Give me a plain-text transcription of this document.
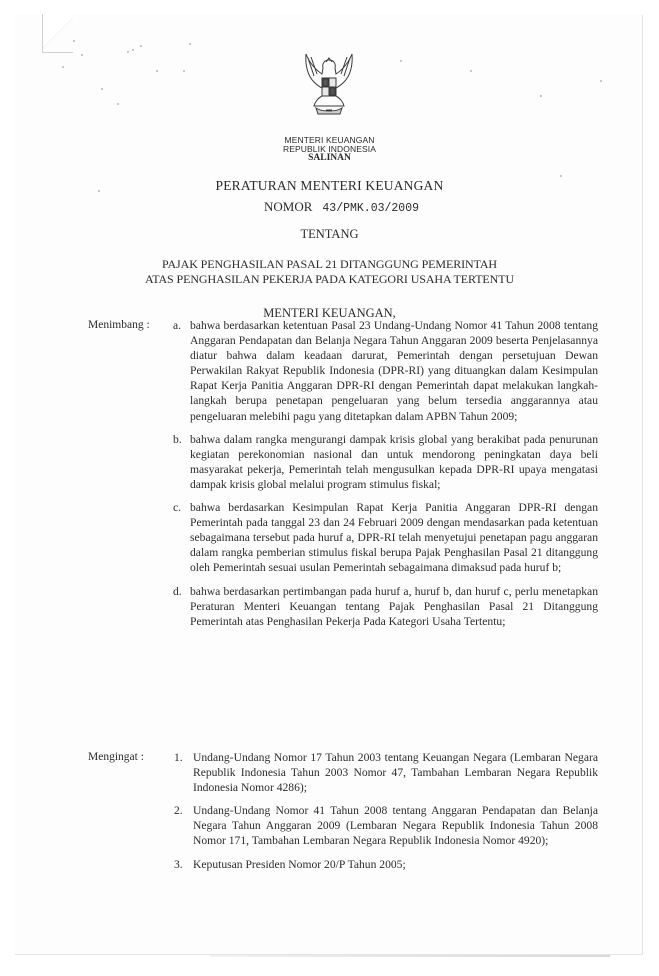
MENTERI KEUANGAN
REPUBLIK INDONESIA
SALINAN
PERATURAN MENTERI KEUANGAN
NOMOR 43/PMK.03/2009
TENTANG
PAJAK PENGHASILAN PASAL 21 DITANGGUNG PEMERINTAH
ATAS PENGHASILAN PEKERJA PADA KATEGORI USAHA TERTENTU
MENTERI KEUANGAN,
Menimbang : a. bahwa berdasarkan ketentuan Pasal 23 Undang-Undang Nomor 41 Tahun 2008 tentang Anggaran Pendapatan dan Belanja Negara Tahun Anggaran 2009 beserta Penjelasannya diatur bahwa dalam keadaan darurat, Pemerintah dengan persetujuan Dewan Perwakilan Rakyat Republik Indonesia (DPR-RI) yang dituangkan dalam Kesimpulan Rapat Kerja Panitia Anggaran DPR-RI dengan Pemerintah dapat melakukan langkah-langkah berupa penetapan pengeluaran yang belum tersedia anggarannya atau pengeluaran melebihi pagu yang ditetapkan dalam APBN Tahun 2009;
b. bahwa dalam rangka mengurangi dampak krisis global yang berakibat pada penurunan kegiatan perekonomian nasional dan untuk mendorong peningkatan daya beli masyarakat pekerja, Pemerintah telah mengusulkan kepada DPR-RI upaya mengatasi dampak krisis global melalui program stimulus fiskal;
c. bahwa berdasarkan Kesimpulan Rapat Kerja Panitia Anggaran DPR-RI dengan Pemerintah pada tanggal 23 dan 24 Februari 2009 dengan mendasarkan pada ketentuan sebagaimana tersebut pada huruf a, DPR-RI telah menyetujui penetapan pagu anggaran dalam rangka pemberian stimulus fiskal berupa Pajak Penghasilan Pasal 21 ditanggung oleh Pemerintah sesuai usulan Pemerintah sebagaimana dimaksud pada huruf b;
d. bahwa berdasarkan pertimbangan pada huruf a, huruf b, dan huruf c, perlu menetapkan Peraturan Menteri Keuangan tentang Pajak Penghasilan Pasal 21 Ditanggung Pemerintah atas Penghasilan Pekerja Pada Kategori Usaha Tertentu;
Mengingat :	1. Undang-Undang Nomor 17 Tahun 2003 tentang Keuangan Negara (Lembaran Negara Republik Indonesia Tahun 2003 Nomor 47, Tambahan Lembaran Negara Republik Indonesia Nomor 4286);
2. Undang-Undang Nomor 41 Tahun 2008 tentang Anggaran Pendapatan dan Belanja Negara Tahun Anggaran 2009 (Lembaran Negara Republik Indonesia Tahun 2008 Nomor 171, Tambahan Lembaran Negara Republik Indonesia Nomor 4920);
3. Keputusan Presiden Nomor 20/P Tahun 2005;
